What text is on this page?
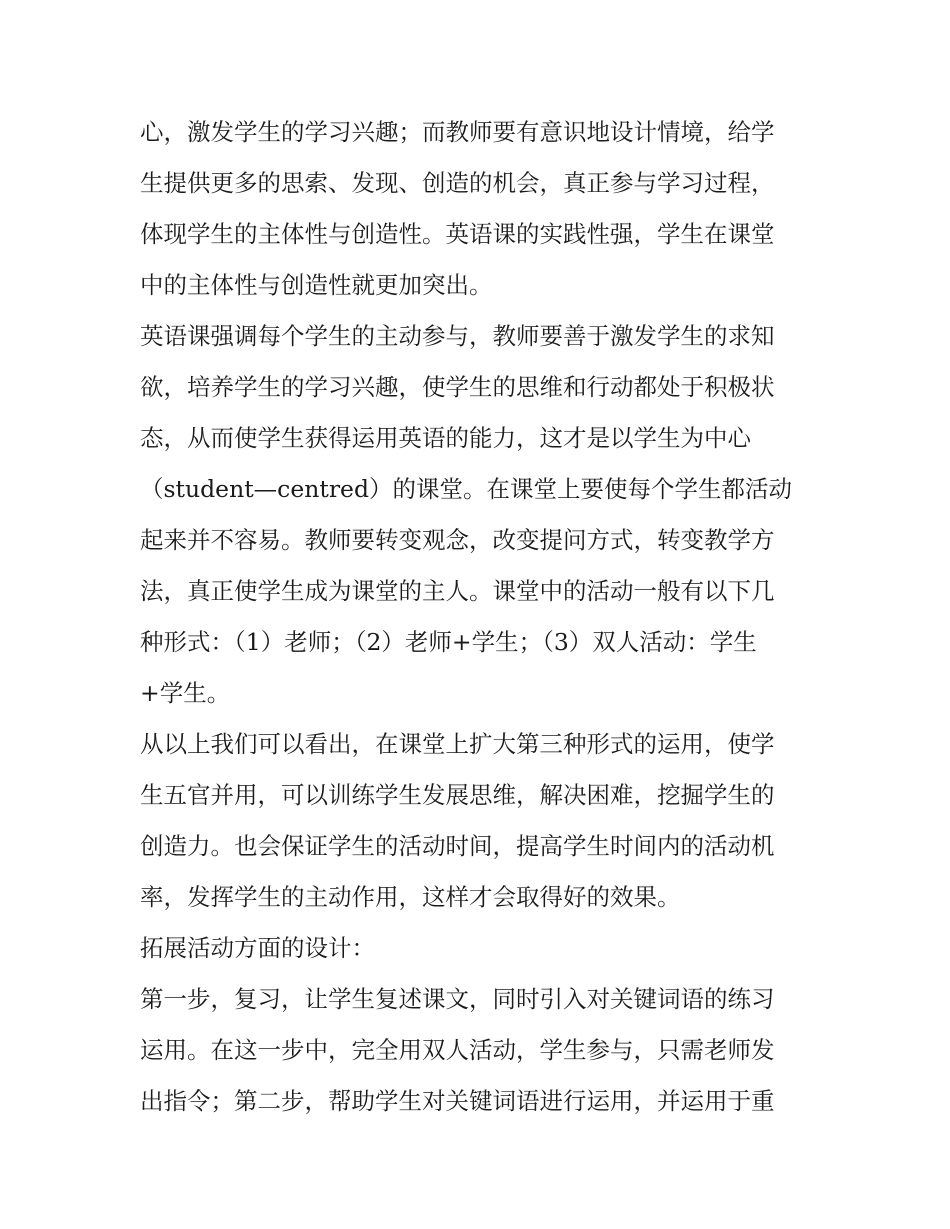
心，激发学生的学习兴趣；而教师要有意识地设计情境，给学
生提供更多的思索、发现、创造的机会，真正参与学习过程，
体现学生的主体性与创造性。英语课的实践性强，学生在课堂
中的主体性与创造性就更加突出。
英语课强调每个学生的主动参与，教师要善于激发学生的求知
欲，培养学生的学习兴趣，使学生的思维和行动都处于积极状
态，从而使学生获得运用英语的能力，这才是以学生为中心
（student—centred）的课堂。在课堂上要使每个学生都活动
起来并不容易。教师要转变观念，改变提问方式，转变教学方
法，真正使学生成为课堂的主人。课堂中的活动一般有以下几
种形式：（1）老师；（2）老师+学生；（3）双人活动：学生
+学生。
从以上我们可以看出，在课堂上扩大第三种形式的运用，使学
生五官并用，可以训练学生发展思维，解决困难，挖掘学生的
创造力。也会保证学生的活动时间，提高学生时间内的活动机
率，发挥学生的主动作用，这样才会取得好的效果。
拓展活动方面的设计：
第一步，复习，让学生复述课文，同时引入对关键词语的练习
运用。在这一步中，完全用双人活动，学生参与，只需老师发
出指令；第二步，帮助学生对关键词语进行运用，并运用于重
